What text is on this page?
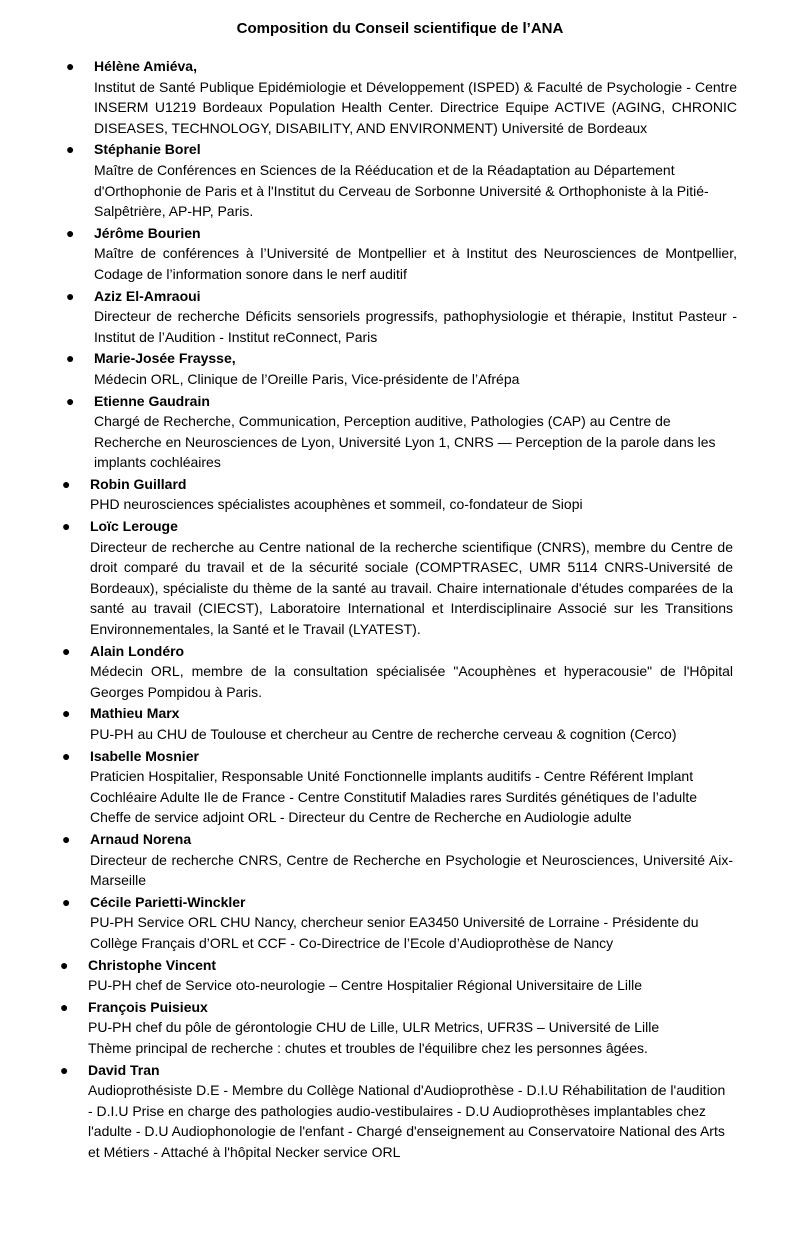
Composition du Conseil scientifique de l’ANA
● Hélène Amiéva,
Institut de Santé Publique Epidémiologie et Développement (ISPED) & Faculté de Psychologie - Centre INSERM U1219 Bordeaux Population Health Center. Directrice Equipe ACTIVE (AGING, CHRONIC DISEASES, TECHNOLOGY, DISABILITY, AND ENVIRONMENT) Université de Bordeaux
● Stéphanie Borel
Maître de Conférences en Sciences de la Rééducation et de la Réadaptation au Département d'Orthophonie de Paris et à l'Institut du Cerveau de Sorbonne Université & Orthophoniste à la Pitié-Salpêtrière, AP-HP, Paris.
● Jérôme Bourien
Maître de conférences à l’Université de Montpellier et à Institut des Neurosciences de Montpellier, Codage de l’information sonore dans le nerf auditif
● Aziz El-Amraoui
Directeur de recherche Déficits sensoriels progressifs, pathophysiologie et thérapie, Institut Pasteur - Institut de l’Audition - Institut reConnect, Paris
● Marie-Josée Fraysse,
Médecin ORL, Clinique de l’Oreille Paris, Vice-présidente de l’Afrépa
● Etienne Gaudrain
Chargé de Recherche, Communication, Perception auditive, Pathologies (CAP) au Centre de Recherche en Neurosciences de Lyon, Université Lyon 1, CNRS — Perception de la parole dans les implants cochléaires
● Robin Guillard
PHD neurosciences spécialistes acouphènes et sommeil, co-fondateur de Siopi
● Loïc Lerouge
Directeur de recherche au Centre national de la recherche scientifique (CNRS), membre du Centre de droit comparé du travail et de la sécurité sociale (COMPTRASEC, UMR 5114 CNRS-Université de Bordeaux), spécialiste du thème de la santé au travail. Chaire internationale d'études comparées de la santé au travail (CIECST), Laboratoire International et Interdisciplinaire Associé sur les Transitions Environnementales, la Santé et le Travail (LYATEST).
● Alain Londéro
Médecin ORL, membre de la consultation spécialisée "Acouphènes et hyperacousie" de l'Hôpital Georges Pompidou à Paris.
● Mathieu Marx
PU-PH au CHU de Toulouse et chercheur au Centre de recherche cerveau & cognition (Cerco)
● Isabelle Mosnier
Praticien Hospitalier, Responsable Unité Fonctionnelle implants auditifs - Centre Référent Implant Cochléaire Adulte Ile de France - Centre Constitutif Maladies rares Surdités génétiques de l’adulte
Cheffe de service adjoint ORL - Directeur du Centre de Recherche en Audiologie adulte
● Arnaud Norena
Directeur de recherche CNRS, Centre de Recherche en Psychologie et Neurosciences, Université Aix-Marseille
● Cécile Parietti-Winckler
PU-PH Service ORL CHU Nancy, chercheur senior EA3450 Université de Lorraine - Présidente du Collège Français d’ORL et CCF - Co-Directrice de l’Ecole d’Audioprothèse de Nancy
● Christophe Vincent
PU-PH chef de Service oto-neurologie – Centre Hospitalier Régional Universitaire de Lille
● François Puisieux
PU-PH chef du pôle de gérontologie CHU de Lille, ULR Metrics, UFR3S – Université de Lille
Thème principal de recherche : chutes et troubles de l'équilibre chez les personnes âgées.
● David Tran
Audioprothésiste D.E - Membre du Collège National d'Audioprothèse - D.I.U Réhabilitation de l'audition - D.I.U Prise en charge des pathologies audio-vestibulaires - D.U Audioprothèses implantables chez l'adulte - D.U Audiophonologie de l'enfant - Chargé d'enseignement au Conservatoire National des Arts et Métiers - Attaché à l'hôpital Necker service ORL
